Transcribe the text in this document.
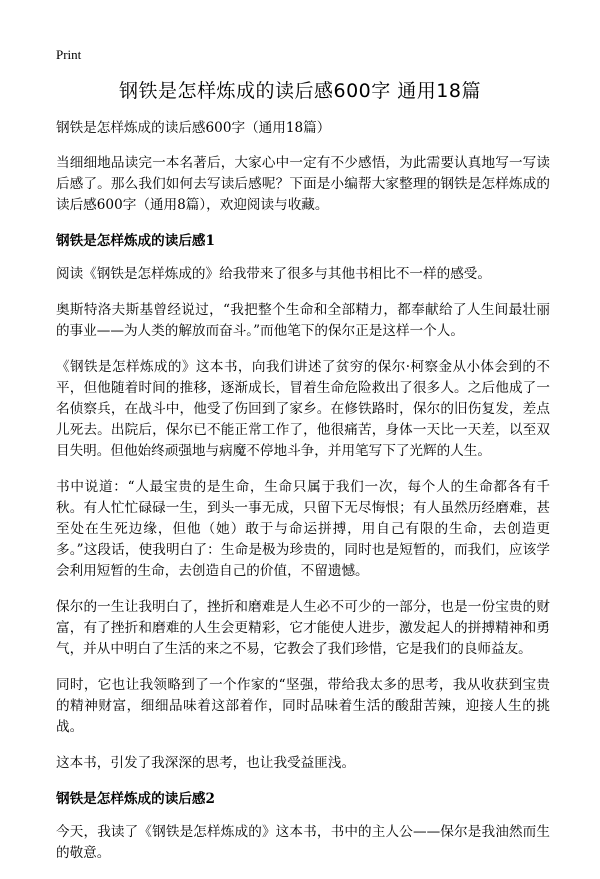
Print
钢铁是怎样炼成的读后感600字 通用18篇

钢铁是怎样炼成的读后感600字（通用18篇）

当细细地品读完一本名著后，大家心中一定有不少感悟，为此需要认真地写一写读后感了。那么我们如何去写读后感呢？下面是小编帮大家整理的钢铁是怎样炼成的读后感600字（通用8篇），欢迎阅读与收藏。

钢铁是怎样炼成的读后感1

阅读《钢铁是怎样炼成的》给我带来了很多与其他书相比不一样的感受。

奥斯特洛夫斯基曾经说过，“我把整个生命和全部精力，都奉献给了人生间最壮丽的事业——为人类的解放而奋斗。”而他笔下的保尔正是这样一个人。

《钢铁是怎样炼成的》这本书，向我们讲述了贫穷的保尔·柯察金从小体会到的不平，但他随着时间的推移，逐渐成长，冒着生命危险救出了很多人。之后他成了一名侦察兵，在战斗中，他受了伤回到了家乡。在修铁路时，保尔的旧伤复发，差点儿死去。出院后，保尔已不能正常工作了，他很痛苦，身体一天比一天差，以至双目失明。但他始终顽强地与病魔不停地斗争，并用笔写下了光辉的人生。

书中说道：“人最宝贵的是生命，生命只属于我们一次，每个人的生命都各有千秋。有人忙忙碌碌一生，到头一事无成，只留下无尽悔恨；有人虽然历经磨难，甚至处在生死边缘，但他（她）敢于与命运拼搏，用自己有限的生命，去创造更多。”这段话，使我明白了：生命是极为珍贵的，同时也是短暂的，而我们，应该学会利用短暂的生命，去创造自己的价值，不留遗憾。

保尔的一生让我明白了，挫折和磨难是人生必不可少的一部分，也是一份宝贵的财富，有了挫折和磨难的人生会更精彩，它才能使人进步，激发起人的拼搏精神和勇气，并从中明白了生活的来之不易，它教会了我们珍惜，它是我们的良师益友。

同时，它也让我领略到了一个作家的“坚强，带给我太多的思考，我从收获到宝贵的精神财富，细细品味着这部着作，同时品味着生活的酸甜苦辣，迎接人生的挑战。

这本书，引发了我深深的思考，也让我受益匪浅。

钢铁是怎样炼成的读后感2

今天，我读了《钢铁是怎样炼成的》这本书，书中的主人公——保尔是我油然而生的敬意。
